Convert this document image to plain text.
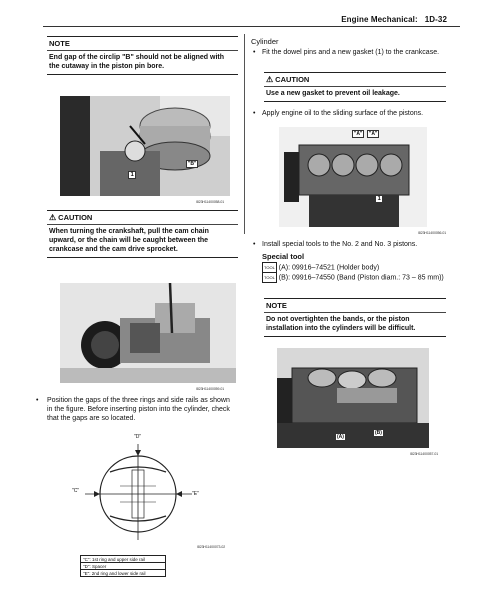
Engine Mechanical: 1D-32
NOTE
End gap of the circlip "B" should not be aligned with the cutaway in the piston pin bore.
"B"
1
I823H11400058-01
⚠ CAUTION
When turning the crankshaft, pull the cam chain upward, or the chain will be caught between the crankcase and the cam drive sprocket.
I823H11400059-01
• Position the gaps of the three rings and side rails as shown in the figure. Before inserting piston into the cylinder, check that the gaps are so located.
"D"
"C"	"E"
I823H11400073-02
"C": 1st ring and upper side rail
"D": Spacer
"E": 2nd ring and lower side rail
Cylinder
• Fit the dowel pins and a new gasket (1) to the crankcase.
⚠ CAUTION
Use a new gasket to prevent oil leakage.
• Apply engine oil to the sliding surface of the pistons.
"A"	"A"
1
I823H11400056-01
• Install special tools to the No. 2 and No. 3 pistons.
Special tool
TOOL (A): 09916–74521 (Holder body)
TOOL (B): 09916–74550 (Band (Piston diam.: 73 – 85 mm))
NOTE
Do not overtighten the bands, or the piston installation into the cylinders will be difficult.
(A)
(B)
I823H11400057-01
